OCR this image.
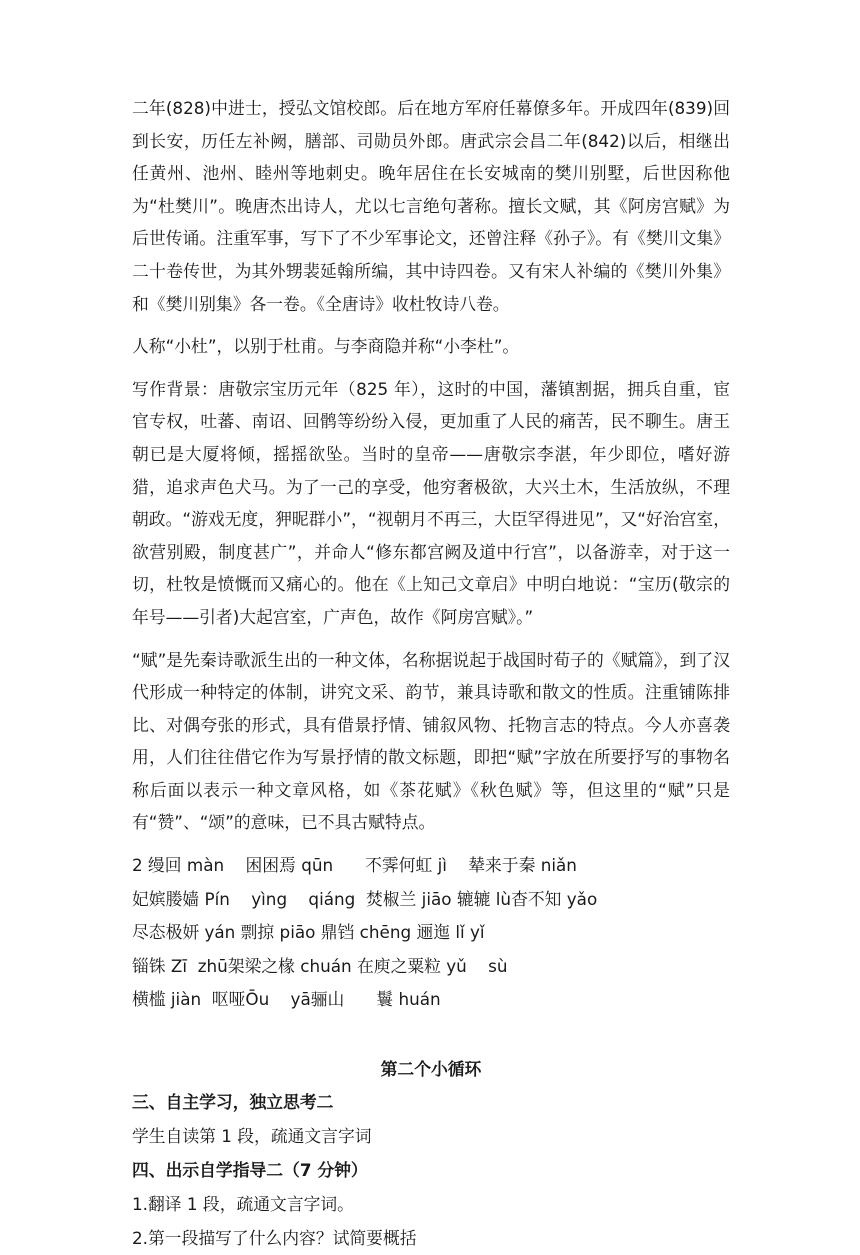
二年(828)中进士，授弘文馆校郎。后在地方军府任幕僚多年。开成四年(839)回到长安，历任左补阙，膳部、司勋员外郎。唐武宗会昌二年(842)以后，相继出任黄州、池州、睦州等地刺史。晚年居住在长安城南的樊川别墅，后世因称他为“杜樊川”。晚唐杰出诗人，尤以七言绝句著称。擅长文赋，其《阿房宫赋》为后世传诵。注重军事，写下了不少军事论文，还曾注释《孙子》。有《樊川文集》二十卷传世，为其外甥裴延翰所编，其中诗四卷。又有宋人补编的《樊川外集》和《樊川别集》各一卷。《全唐诗》收杜牧诗八卷。

人称“小杜”，以别于杜甫。与李商隐并称“小李杜”。

写作背景：唐敬宗宝历元年（825 年），这时的中国，藩镇割据，拥兵自重，宦官专权，吐蕃、南诏、回鹘等纷纷入侵，更加重了人民的痛苦，民不聊生。唐王朝已是大厦将倾，摇摇欲坠。当时的皇帝——唐敬宗李湛，年少即位，嗜好游猎，追求声色犬马。为了一己的享受，他穷奢极欲，大兴土木，生活放纵，不理朝政。“游戏无度，狎昵群小”，“视朝月不再三，大臣罕得进见”，又“好治宫室，欲营别殿，制度甚广”，并命人“修东都宫阙及道中行宫”，以备游幸，对于这一切，杜牧是愤慨而又痛心的。他在《上知己文章启》中明白地说：“宝历(敬宗的年号——引者)大起宫室，广声色，故作《阿房宫赋》。”

“赋”是先秦诗歌派生出的一种文体，名称据说起于战国时荀子的《赋篇》，到了汉代形成一种特定的体制，讲究文采、韵节，兼具诗歌和散文的性质。注重铺陈排比、对偶夸张的形式，具有借景抒情、铺叙风物、托物言志的特点。今人亦喜袭用，人们往往借它作为写景抒情的散文标题，即把“赋”字放在所要抒写的事物名称后面以表示一种文章风格，如《茶花赋》《秋色赋》等，但这里的“赋”只是有“赞”、“颂”的意味，已不具古赋特点。

2 缦回 màn    困困焉 qūn      不霁何虹 jì    辇来于秦 niǎn

妃嫔媵嫱 Pín    yìng    qiáng  焚椒兰 jiāo 辘辘 lù杳不知 yǎo

尽态极妍 yán 剽掠 piāo 鼎铛 chēng 逦迤 lǐ yǐ

锱铢 Zī  zhū架梁之椽 chuán 在庾之粟粒 yǔ    sù

横槛 jiàn  呕哑Ōu    yā骊山      鬟 huán

第二个小循环

三、自主学习，独立思考二

学生自读第 1 段，疏通文言字词

四、出示自学指导二（7 分钟）

1.翻译 1 段，疏通文言字词。

2.第一段描写了什么内容？试简要概括
